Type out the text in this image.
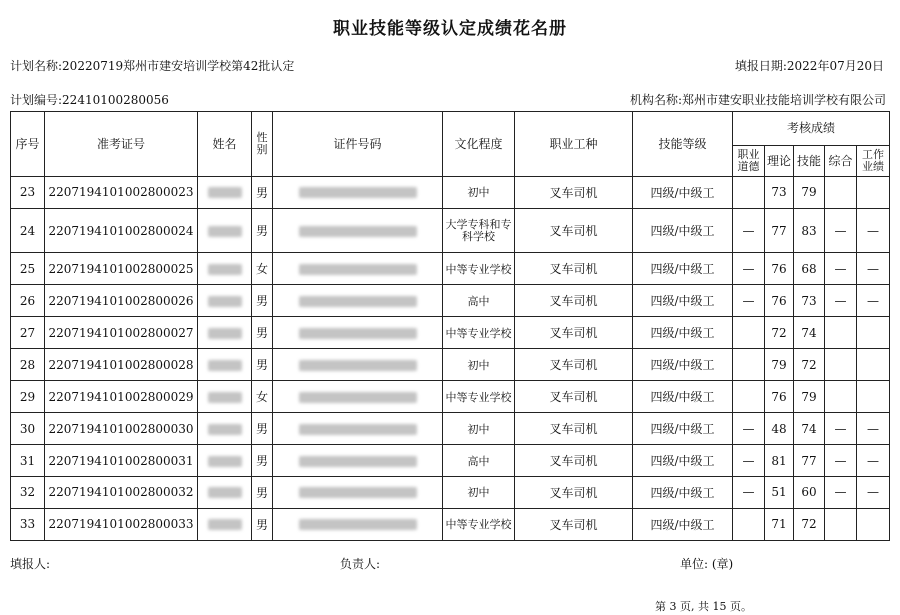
职业技能等级认定成绩花名册
计划名称:20220719郑州市建安培训学校第42批认定	填报日期:2022年07月20日
计划编号:22410100280056	机构名称:郑州市建安职业技能培训学校有限公司
序号	准考证号	姓名	性别	证件号码	文化程度	职业工种	技能等级	考核成绩				
								职业道德	理论	技能	综合	工作业绩
23	2207194101002800023		男		初中	叉车司机	四级/中级工		73	79		
24	2207194101002800024		男		大学专科和专科学校	叉车司机	四级/中级工	—	77	83	—	—
25	2207194101002800025		女		中等专业学校	叉车司机	四级/中级工	—	76	68	—	—
26	2207194101002800026		男		高中	叉车司机	四级/中级工	—	76	73	—	—
27	2207194101002800027		男		中等专业学校	叉车司机	四级/中级工		72	74		
28	2207194101002800028		男		初中	叉车司机	四级/中级工		79	72		
29	2207194101002800029		女		中等专业学校	叉车司机	四级/中级工		76	79		
30	2207194101002800030		男		初中	叉车司机	四级/中级工	—	48	74	—	—
31	2207194101002800031		男		高中	叉车司机	四级/中级工	—	81	77	—	—
32	2207194101002800032		男		初中	叉车司机	四级/中级工	—	51	60	—	—
33	2207194101002800033		男		中等专业学校	叉车司机	四级/中级工		71	72		
填报人:	负责人:	单位: (章)
第 3 页, 共 15 页。
